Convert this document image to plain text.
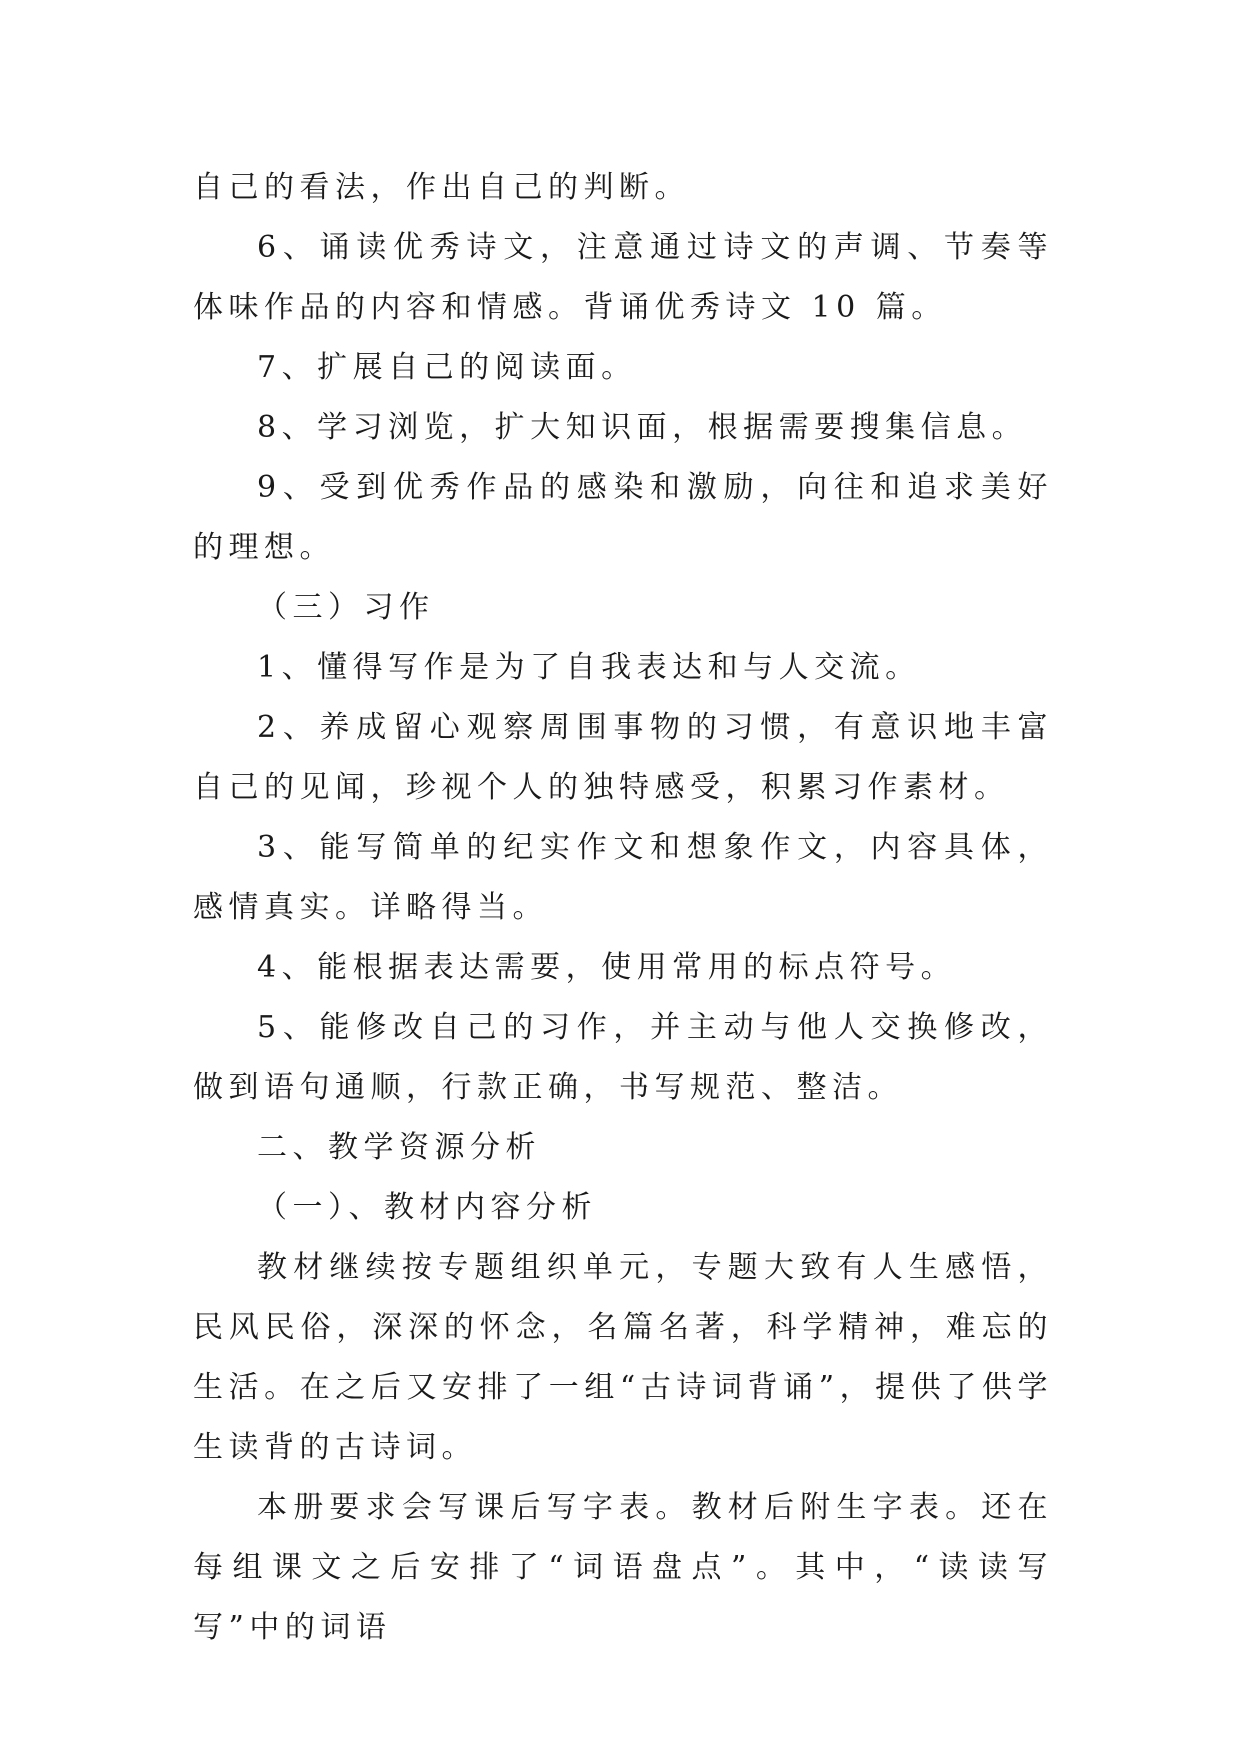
自己的看法，作出自己的判断。

6、诵读优秀诗文，注意通过诗文的声调、节奏等体味作品的内容和情感。背诵优秀诗文 10 篇。

7、扩展自己的阅读面。

8、学习浏览，扩大知识面，根据需要搜集信息。

9、受到优秀作品的感染和激励，向往和追求美好的理想。

（三）习作

1、懂得写作是为了自我表达和与人交流。

2、养成留心观察周围事物的习惯，有意识地丰富自己的见闻，珍视个人的独特感受，积累习作素材。

3、能写简单的纪实作文和想象作文，内容具体，感情真实。详略得当。

4、能根据表达需要，使用常用的标点符号。

5、能修改自己的习作，并主动与他人交换修改，做到语句通顺，行款正确，书写规范、整洁。

二、教学资源分析

（一）、教材内容分析

教材继续按专题组织单元，专题大致有人生感悟，民风民俗，深深的怀念，名篇名著，科学精神，难忘的生活。在之后又安排了一组“古诗词背诵”，提供了供学生读背的古诗词。

本册要求会写课后写字表。教材后附生字表。还在每组课文之后安排了“词语盘点”。其中，“读读写写”中的词语
